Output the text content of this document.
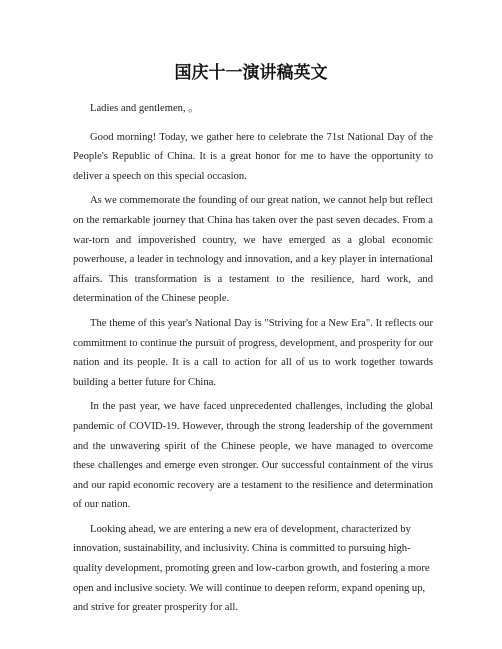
国庆十一演讲稿英文

Ladies and gentlemen, 。

Good morning! Today, we gather here to celebrate the 71st National Day of the People's Republic of China. It is a great honor for me to have the opportunity to deliver a speech on this special occasion.

As we commemorate the founding of our great nation, we cannot help but reflect on the remarkable journey that China has taken over the past seven decades. From a war-torn and impoverished country, we have emerged as a global economic powerhouse, a leader in technology and innovation, and a key player in international affairs. This transformation is a testament to the resilience, hard work, and determination of the Chinese people.

The theme of this year's National Day is "Striving for a New Era". It reflects our commitment to continue the pursuit of progress, development, and prosperity for our nation and its people. It is a call to action for all of us to work together towards building a better future for China.

In the past year, we have faced unprecedented challenges, including the global pandemic of COVID-19. However, through the strong leadership of the government and the unwavering spirit of the Chinese people, we have managed to overcome these challenges and emerge even stronger. Our successful containment of the virus and our rapid economic recovery are a testament to the resilience and determination of our nation.

Looking ahead, we are entering a new era of development, characterized by innovation, sustainability, and inclusivity. China is committed to pursuing high-quality development, promoting green and low-carbon growth, and fostering a more open and inclusive society. We will continue to deepen reform, expand opening up, and strive for greater prosperity for all.
